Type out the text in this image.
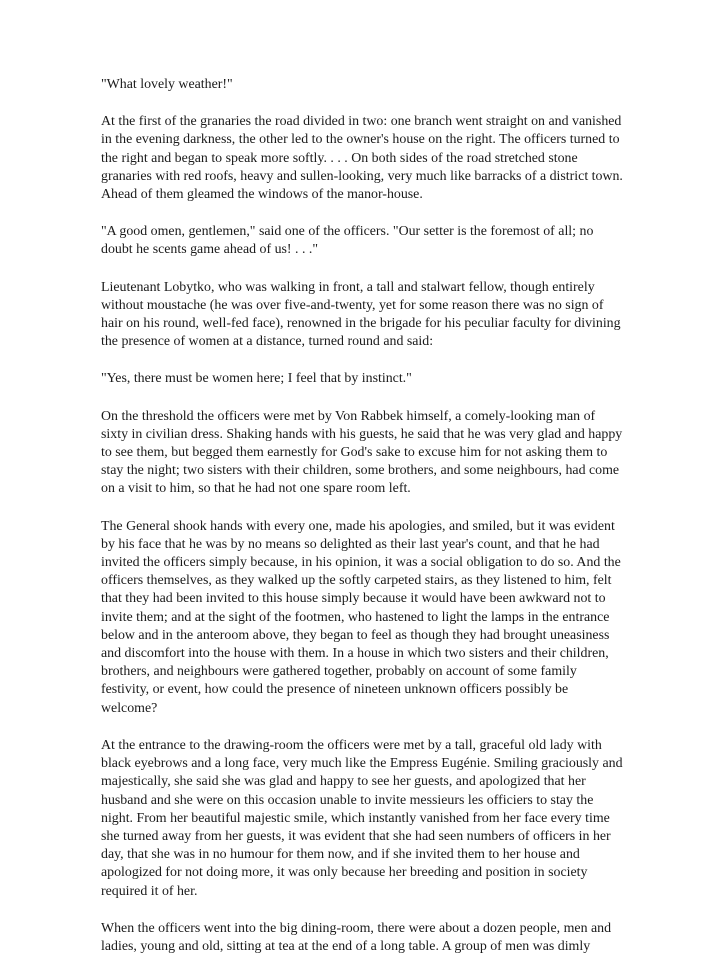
"What lovely weather!"

At the first of the granaries the road divided in two: one branch went straight on and vanished in the evening darkness, the other led to the owner's house on the right. The officers turned to the right and began to speak more softly. . . . On both sides of the road stretched stone granaries with red roofs, heavy and sullen-looking, very much like barracks of a district town. Ahead of them gleamed the windows of the manor-house.

"A good omen, gentlemen," said one of the officers. "Our setter is the foremost of all; no doubt he scents game ahead of us! . . ."

Lieutenant Lobytko, who was walking in front, a tall and stalwart fellow, though entirely without moustache (he was over five-and-twenty, yet for some reason there was no sign of hair on his round, well-fed face), renowned in the brigade for his peculiar faculty for divining the presence of women at a distance, turned round and said:

"Yes, there must be women here; I feel that by instinct."

On the threshold the officers were met by Von Rabbek himself, a comely-looking man of sixty in civilian dress. Shaking hands with his guests, he said that he was very glad and happy to see them, but begged them earnestly for God's sake to excuse him for not asking them to stay the night; two sisters with their children, some brothers, and some neighbours, had come on a visit to him, so that he had not one spare room left.

The General shook hands with every one, made his apologies, and smiled, but it was evident by his face that he was by no means so delighted as their last year's count, and that he had invited the officers simply because, in his opinion, it was a social obligation to do so. And the officers themselves, as they walked up the softly carpeted stairs, as they listened to him, felt that they had been invited to this house simply because it would have been awkward not to invite them; and at the sight of the footmen, who hastened to light the lamps in the entrance below and in the anteroom above, they began to feel as though they had brought uneasiness and discomfort into the house with them. In a house in which two sisters and their children, brothers, and neighbours were gathered together, probably on account of some family festivity, or event, how could the presence of nineteen unknown officers possibly be welcome?

At the entrance to the drawing-room the officers were met by a tall, graceful old lady with black eyebrows and a long face, very much like the Empress Eugénie. Smiling graciously and majestically, she said she was glad and happy to see her guests, and apologized that her husband and she were on this occasion unable to invite messieurs les officiers to stay the night. From her beautiful majestic smile, which instantly vanished from her face every time she turned away from her guests, it was evident that she had seen numbers of officers in her day, that she was in no humour for them now, and if she invited them to her house and apologized for not doing more, it was only because her breeding and position in society required it of her.

When the officers went into the big dining-room, there were about a dozen people, men and ladies, young and old, sitting at tea at the end of a long table. A group of men was dimly
